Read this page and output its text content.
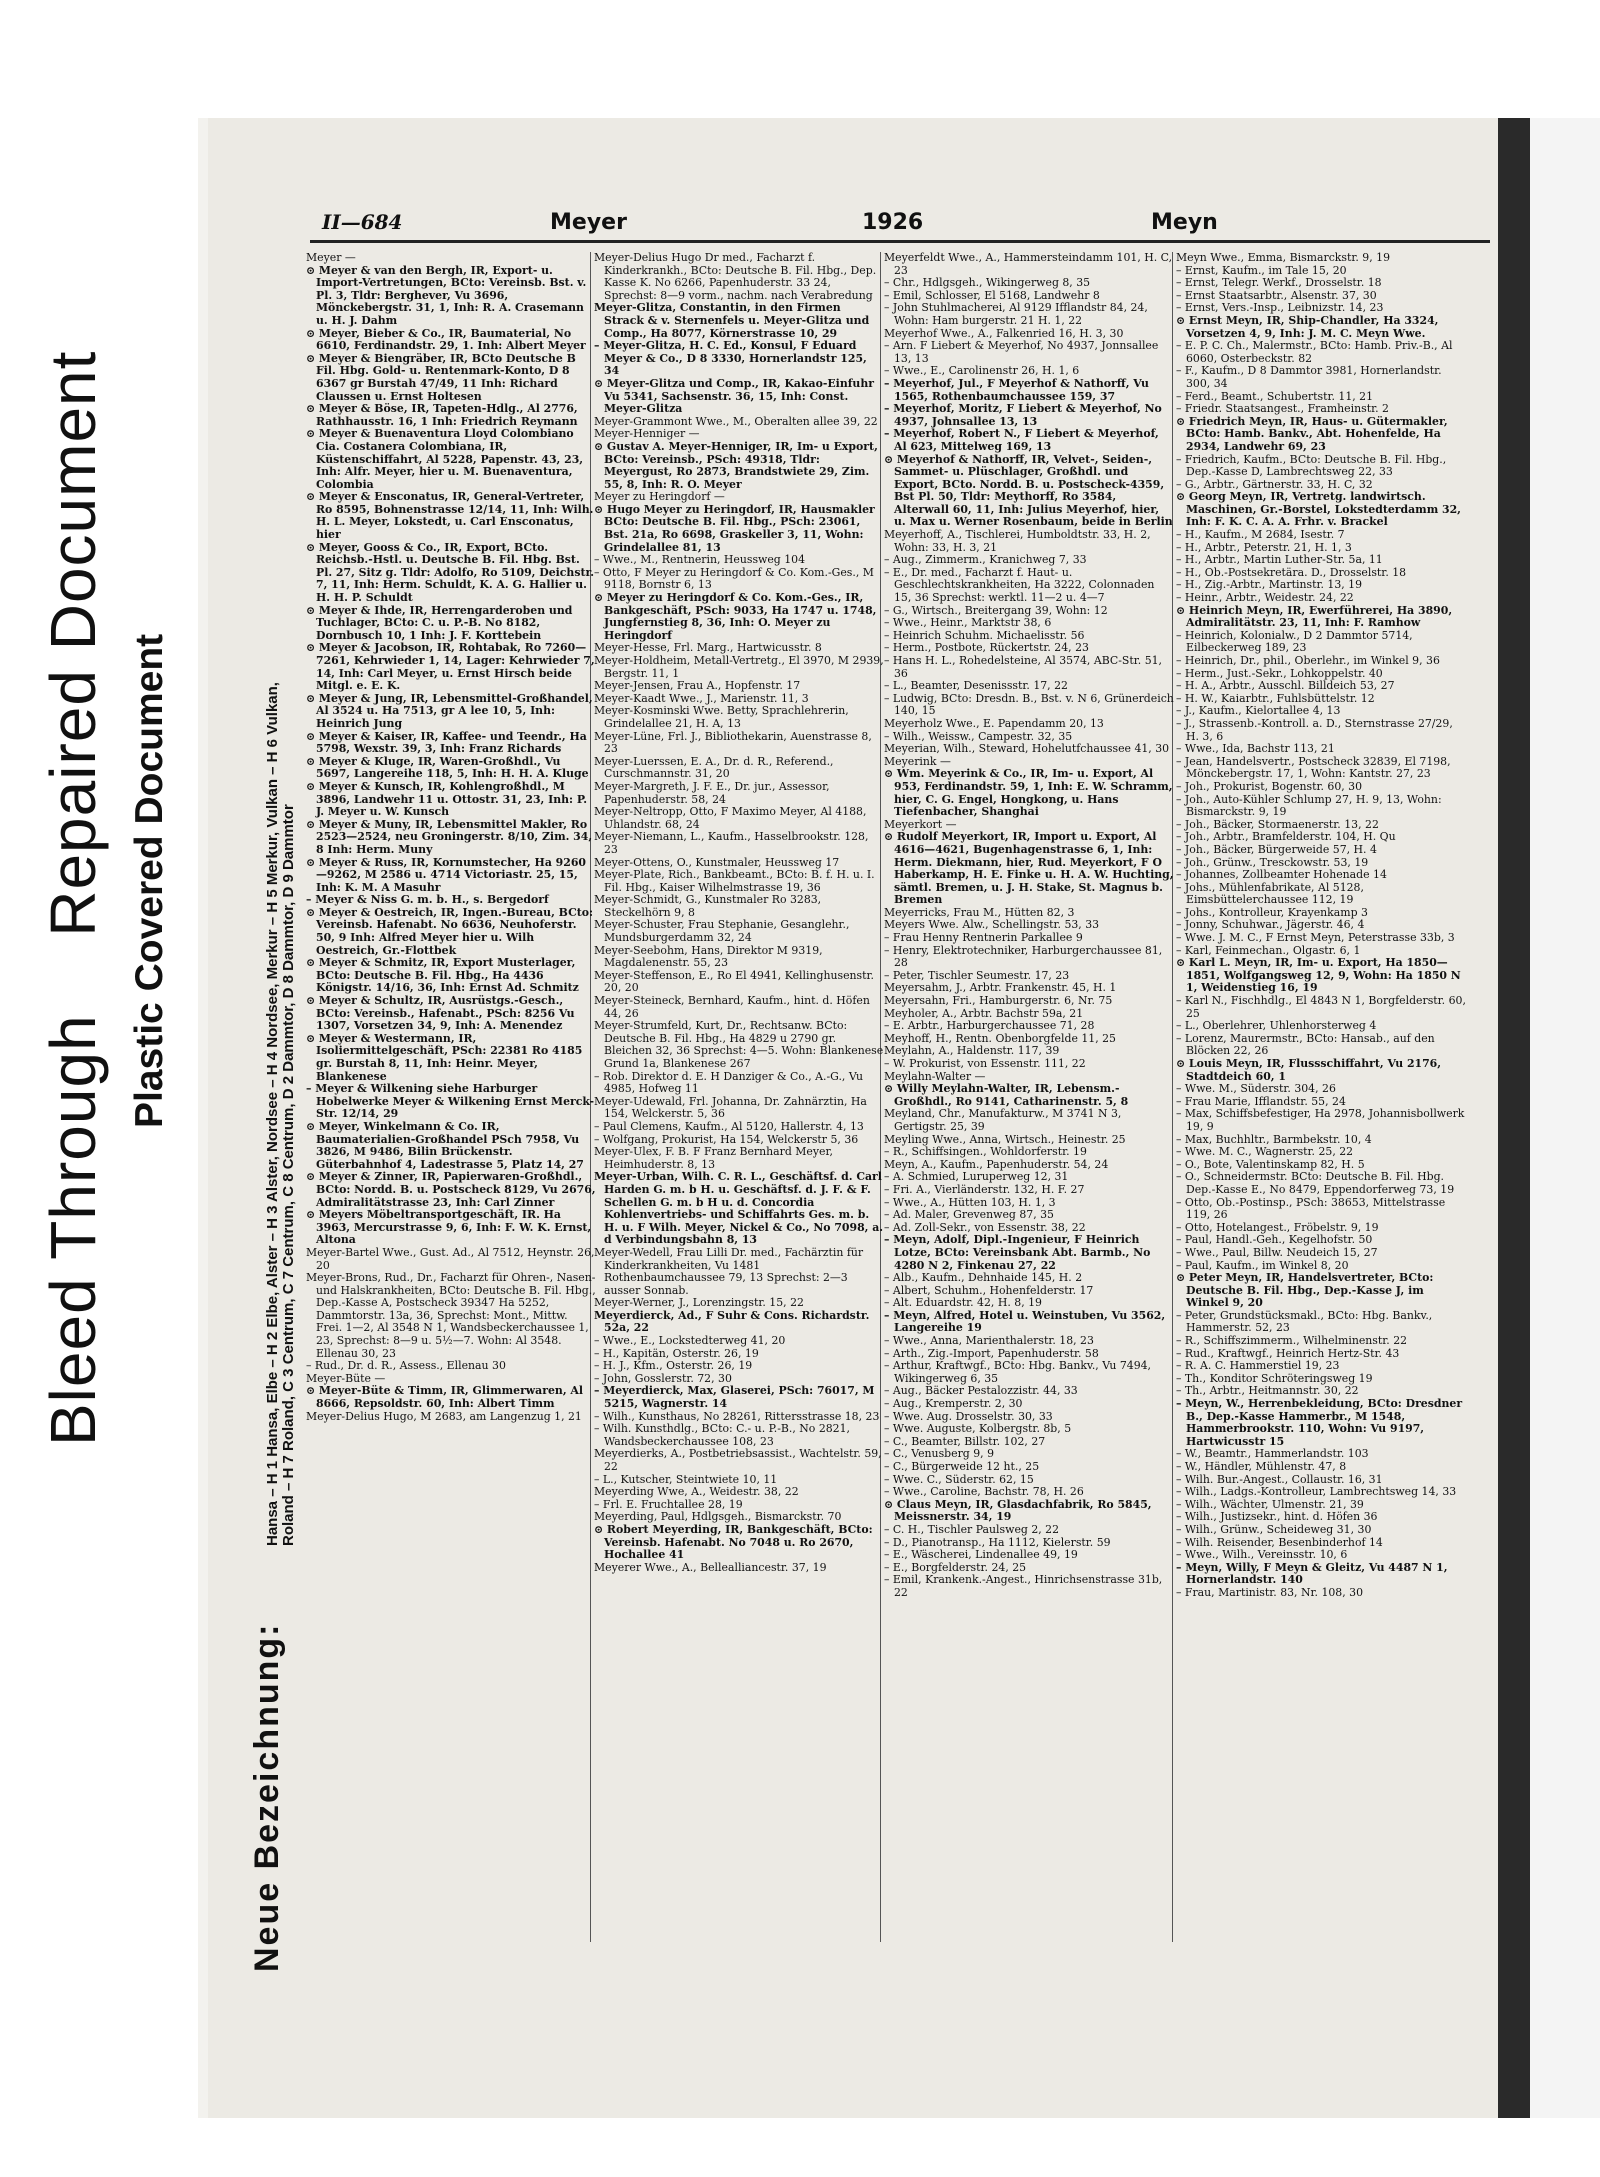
Bleed Through  Repaired Document Plastic Covered Document
Neue Bezeichnung:
Hansa – H 1 Hansa, Elbe – H 2 Elbe, Alster – H 3 Alster, Nordsee – H 4 Nordsee, Merkur – H 5 Merkur, Vulkan – H 6 Vulkan, Roland – H 7 Roland, C 3 Centrum, C 7 Centrum, C 8 Centrum, D 2 Dammtor, D 8 Dammtor, D 9 Dammtor
II—684	Meyer	1926	Meyn
Meyer —
⊙ Meyer & van den Bergh, IR, Export- u. Import-Vertretungen, BCto: Vereinsb. Bst. v. Pl. 3, Tldr: Berghever, Vu 3696, Mönckebergstr. 31, 1, Inh: R. A. Crasemann u. H. J. Dahm
⊙ Meyer, Bieber & Co., IR, Baumaterial, No 6610, Ferdinandstr. 29, 1. Inh: Albert Meyer
⊙ Meyer & Biengräber, IR, BCto Deutsche B Fil. Hbg. Gold- u. Rentenmark-Konto, D 8 6367 gr Burstah 47/49, 11 Inh: Richard Claussen u. Ernst Holtesen
⊙ Meyer & Böse, IR, Tapeten-Hdlg., Al 2776, Rathhausstr. 16, 1 Inh: Friedrich Reymann
⊙ Meyer & Buenaventura Lloyd Colombiano Cia. Costanera Colombiana, IR, Küstenschiffahrt, Al 5228, Papenstr. 43, 23, Inh: Alfr. Meyer, hier u. M. Buenaventura, Colombia
⊙ Meyer & Ensconatus, IR, General-Vertreter, Ro 8595, Bohnenstrasse 12/14, 11, Inh: Wilh. H. L. Meyer, Lokstedt, u. Carl Ensconatus, hier
⊙ Meyer, Gooss & Co., IR, Export, BCto. Reichsb.-Hstl. u. Deutsche B. Fil. Hbg. Bst. Pl. 27, Sitz g. Tldr: Adolfo, Ro 5109, Deichstr. 7, 11, Inh: Herm. Schuldt, K. A. G. Hallier u. H. H. P. Schuldt
⊙ Meyer & Ihde, IR, Herrengarderoben und Tuchlager, BCto: C. u. P.-B. No 8182, Dornbusch 10, 1 Inh: J. F. Korttebein
⊙ Meyer & Jacobson, IR, Rohtabak, Ro 7260—7261, Kehrwieder 1, 14, Lager: Kehrwieder 7, 14, Inh: Carl Meyer, u. Ernst Hirsch beide Mitgl. e. E. K.
⊙ Meyer & Jung, IR, Lebensmittel-Großhandel, Al 3524 u. Ha 7513, gr A lee 10, 5, Inh: Heinrich Jung
⊙ Meyer & Kaiser, IR, Kaffee- und Teendr., Ha 5798, Wexstr. 39, 3, Inh: Franz Richards
⊙ Meyer & Kluge, IR, Waren-Großhdl., Vu 5697, Langereihe 118, 5, Inh: H. H. A. Kluge
⊙ Meyer & Kunsch, IR, Kohlengroßhdl., M 3896, Landwehr 11 u. Ottostr. 31, 23, Inh: P. J. Meyer u. W. Kunsch
⊙ Meyer & Muny, IR, Lebensmittel Makler, Ro 2523—2524, neu Groningerstr. 8/10, Zim. 34, 8 Inh: Herm. Muny
⊙ Meyer & Russ, IR, Kornumstecher, Ha 9260—9262, M 2586 u. 4714 Victoriastr. 25, 15, Inh: K. M. A Masuhr
– Meyer & Niss G. m. b. H., s. Bergedorf
⊙ Meyer & Oestreich, IR, Ingen.-Bureau, BCto: Vereinsb. Hafenabt. No 6636, Neuhoferstr. 50, 9 Inh: Alfred Meyer hier u. Wilh Oestreich, Gr.-Flottbek
⊙ Meyer & Schmitz, IR, Export Musterlager, BCto: Deutsche B. Fil. Hbg., Ha 4436 Königstr. 14/16, 36, Inh: Ernst Ad. Schmitz
⊙ Meyer & Schultz, IR, Ausrüstgs.-Gesch., BCto: Vereinsb., Hafenabt., PSch: 8256 Vu 1307, Vorsetzen 34, 9, Inh: A. Menendez
⊙ Meyer & Westermann, IR, Isoliermittelgeschäft, PSch: 22381 Ro 4185 gr. Burstah 8, 11, Inh: Heinr. Meyer, Blankenese
– Meyer & Wilkening siehe Harburger Hobelwerke Meyer & Wilkening Ernst Merck-Str. 12/14, 29
⊙ Meyer, Winkelmann & Co. IR, Baumaterialien-Großhandel PSch 7958, Vu 3826, M 9486, Bilin Brückenstr. Güterbahnhof 4, Ladestrasse 5, Platz 14, 27
⊙ Meyer & Zinner, IR, Papierwaren-Großhdl., BCto: Nordd. B. u. Postscheck 8129, Vu 2676, Admiralitätstrasse 23, Inh: Carl Zinner
⊙ Meyers Möbeltransportgeschäft, IR. Ha 3963, Mercurstrasse 9, 6, Inh: F. W. K. Ernst, Altona
Meyer-Bartel Wwe., Gust. Ad., Al 7512, Heynstr. 26, 20
Meyer-Brons, Rud., Dr., Facharzt für Ohren-, Nasen- und Halskrankheiten, BCto: Deutsche B. Fil. Hbg., Dep.-Kasse A, Postscheck 39347 Ha 5252, Dammtorstr. 13a, 36, Sprechst: Mont., Mittw. Frei. 1—2, Al 3548 N 1, Wandsbeckerchaussee 1, 23, Sprechst: 8—9 u. 5½—7. Wohn: Al 3548. Ellenau 30, 23
– Rud., Dr. d. R., Assess., Ellenau 30
Meyer-Büte —
⊙ Meyer-Büte & Timm, IR, Glimmerwaren, Al 8666, Repsoldstr. 60, Inh: Albert Timm
Meyer-Delius Hugo, M 2683, am Langenzug 1, 21
Meyer-Delius Hugo Dr med., Facharzt f. Kinderkrankh., BCto: Deutsche B. Fil. Hbg., Dep. Kasse K. No 6266, Papenhuderstr. 33 24, Sprechst: 8—9 vorm., nachm. nach Verabredung
Meyer-Glitza, Constantin, in den Firmen Strack & v. Sternenfels u. Meyer-Glitza und Comp., Ha 8077, Körnerstrasse 10, 29
– Meyer-Glitza, H. C. Ed., Konsul, F Eduard Meyer & Co., D 8 3330, Hornerlandstr 125, 34
⊙ Meyer-Glitza und Comp., IR, Kakao-Einfuhr Vu 5341, Sachsenstr. 36, 15, Inh: Const. Meyer-Glitza
Meyer-Grammont Wwe., M., Oberalten allee 39, 22
Meyer-Henniger —
⊙ Gustav A. Meyer-Henniger, IR, Im- u Export, BCto: Vereinsb., PSch: 49318, Tldr: Meyergust, Ro 2873, Brandstwiete 29, Zim. 55, 8, Inh: R. O. Meyer
Meyer zu Heringdorf —
⊙ Hugo Meyer zu Heringdorf, IR, Hausmakler BCto: Deutsche B. Fil. Hbg., PSch: 23061, Bst. 21a, Ro 6698, Graskeller 3, 11, Wohn: Grindelallee 81, 13
– Wwe., M., Rentnerin, Heussweg 104
– Otto, F Meyer zu Heringdorf & Co. Kom.-Ges., M 9118, Bornstr 6, 13
⊙ Meyer zu Heringdorf & Co. Kom.-Ges., IR, Bankgeschäft, PSch: 9033, Ha 1747 u. 1748, Jungfernstieg 8, 36, Inh: O. Meyer zu Heringdorf
Meyer-Hesse, Frl. Marg., Hartwicusstr. 8
Meyer-Holdheim, Metall-Vertretg., El 3970, M 2939, Bergstr. 11, 1
Meyer-Jensen, Frau A., Hopfenstr. 17
Meyer-Kaadt Wwe., J., Marienstr. 11, 3
Meyer-Kosminski Wwe. Betty, Sprachlehrerin, Grindelallee 21, H. A, 13
Meyer-Lüne, Frl. J., Bibliothekarin, Auenstrasse 8, 23
Meyer-Luerssen, E. A., Dr. d. R., Referend., Curschmannstr. 31, 20
Meyer-Margreth, J. F. E., Dr. jur., Assessor, Papenhuderstr. 58, 24
Meyer-Neltropp, Otto, F Maximo Meyer, Al 4188, Uhlandstr. 68, 24
Meyer-Niemann, L., Kaufm., Hasselbrookstr. 128, 23
Meyer-Ottens, O., Kunstmaler, Heussweg 17
Meyer-Plate, Rich., Bankbeamt., BCto: B. f. H. u. I. Fil. Hbg., Kaiser Wilhelmstrasse 19, 36
Meyer-Schmidt, G., Kunstmaler Ro 3283, Steckelhörn 9, 8
Meyer-Schuster, Frau Stephanie, Gesanglehr., Mundsburgerdamm 32, 24
Meyer-Seebohm, Hans, Direktor M 9319, Magdalenenstr. 55, 23
Meyer-Steffenson, E., Ro El 4941, Kellinghusenstr. 20, 20
Meyer-Steineck, Bernhard, Kaufm., hint. d. Höfen 44, 26
Meyer-Strumfeld, Kurt, Dr., Rechtsanw. BCto: Deutsche B. Fil. Hbg., Ha 4829 u 2790 gr. Bleichen 32, 36 Sprechst: 4—5. Wohn: Blankenese Grund 1a, Blankenese 267
– Rob. Direktor d. E. H Danziger & Co., A.-G., Vu 4985, Hofweg 11
Meyer-Udewald, Frl. Johanna, Dr. Zahnärztin, Ha 154, Welckerstr. 5, 36
– Paul Clemens, Kaufm., Al 5120, Hallerstr. 4, 13
– Wolfgang, Prokurist, Ha 154, Welckerstr 5, 36
Meyer-Ulex, F. B. F Franz Bernhard Meyer, Heimhuderstr. 8, 13
Meyer-Urban, Wilh. C. R. L., Geschäftsf. d. Carl Harden G. m. b H. u. Geschäftsf. d. J. F. & F. Schellen G. m. b H u. d. Concordia Kohlenvertriebs- und Schiffahrts Ges. m. b. H. u. F Wilh. Meyer, Nickel & Co., No 7098, a. d Verbindungsbahn 8, 13
Meyer-Wedell, Frau Lilli Dr. med., Fachärztin für Kinderkrankheiten, Vu 1481 Rothenbaumchaussee 79, 13 Sprechst: 2—3 ausser Sonnab.
Meyer-Werner, J., Lorenzingstr. 15, 22
Meyerdierck, Ad., F Suhr & Cons. Richardstr. 52a, 22
– Wwe., E., Lockstedterweg 41, 20
– H., Kapitän, Osterstr. 26, 19
– H. J., Kfm., Osterstr. 26, 19
– John, Gosslerstr. 72, 30
– Meyerdierck, Max, Glaserei, PSch: 76017, M 5215, Wagnerstr. 14
– Wilh., Kunsthaus, No 28261, Rittersstrasse 18, 23
– Wilh. Kunsthdlg., BCto: C.- u. P.-B., No 2821, Wandsbeckerchaussee 108, 23
Meyerdierks, A., Postbetriebsassist., Wachtelstr. 59, 22
– L., Kutscher, Steintwiete 10, 11
Meyerding Wwe, A., Weidestr. 38, 22
– Frl. E. Fruchtallee 28, 19
Meyerding, Paul, Hdlgsgeh., Bismarckstr. 70
⊙ Robert Meyerding, IR, Bankgeschäft, BCto: Vereinsb. Hafenabt. No 7048 u. Ro 2670, Hochallee 41
Meyerer Wwe., A., Bellealliancestr. 37, 19
Meyerfeldt Wwe., A., Hammersteindamm 101, H. C, 23
– Chr., Hdlgsgeh., Wikingerweg 8, 35
– Emil, Schlosser, El 5168, Landwehr 8
– John Stuhlmacherei, Al 9129 Ifflandstr 84, 24, Wohn: Ham burgerstr. 21 H. 1, 22
Meyerhof Wwe., A., Falkenried 16, H. 3, 30
– Arn. F Liebert & Meyerhof, No 4937, Jonnsallee 13, 13
– Wwe., E., Carolinenstr 26, H. 1, 6
– Meyerhof, Jul., F Meyerhof & Nathorff, Vu 1565, Rothenbaumchaussee 159, 37
– Meyerhof, Moritz, F Liebert & Meyerhof, No 4937, Johnsallee 13, 13
– Meyerhof, Robert N., F Liebert & Meyerhof, Al 623, Mittelweg 169, 13
⊙ Meyerhof & Nathorff, IR, Velvet-, Seiden-, Sammet- u. Plüschlager, Großhdl. und Export, BCto. Nordd. B. u. Postscheck-4359, Bst Pl. 50, Tldr: Meythorff, Ro 3584, Alterwall 60, 11, Inh: Julius Meyerhof, hier, u. Max u. Werner Rosenbaum, beide in Berlin
Meyerhoff, A., Tischlerei, Humboldtstr. 33, H. 2, Wohn: 33, H. 3, 21
– Aug., Zimmerm., Kranichweg 7, 33
– E., Dr. med., Facharzt f. Haut- u. Geschlechtskrankheiten, Ha 3222, Colonnaden 15, 36 Sprechst: werktl. 11—2 u. 4—7
– G., Wirtsch., Breitergang 39, Wohn: 12
– Wwe., Heinr., Marktstr 38, 6
– Heinrich Schuhm. Michaelisstr. 56
– Herm., Postbote, Rückertstr. 24, 23
– Hans H. L., Rohedelsteine, Al 3574, ABC-Str. 51, 36
– L., Beamter, Desenissstr. 17, 22
– Ludwig, BCto: Dresdn. B., Bst. v. N 6, Grünerdeich 140, 15
Meyerholz Wwe., E. Papendamm 20, 13
– Wilh., Weissw., Campestr. 32, 35
Meyerian, Wilh., Steward, Hohelutfchaussee 41, 30
Meyerink —
⊙ Wm. Meyerink & Co., IR, Im- u. Export, Al 953, Ferdinandstr. 59, 1, Inh: E. W. Schramm, hier, C. G. Engel, Hongkong, u. Hans Tiefenbacher, Shanghai
Meyerkort —
⊙ Rudolf Meyerkort, IR, Import u. Export, Al 4616—4621, Bugenhagenstrasse 6, 1, Inh: Herm. Diekmann, hier, Rud. Meyerkort, F O Haberkamp, H. E. Finke u. H. A. W. Huchting, sämtl. Bremen, u. J. H. Stake, St. Magnus b. Bremen
Meyerricks, Frau M., Hütten 82, 3
Meyers Wwe. Alw., Schellingstr. 53, 33
– Frau Henny Rentnerin Parkallee 9
– Henry, Elektrotechniker, Harburgerchaussee 81, 28
– Peter, Tischler Seumestr. 17, 23
Meyersahm, J., Arbtr. Frankenstr. 45, H. 1
Meyersahn, Fri., Hamburgerstr. 6, Nr. 75
Meyholer, A., Arbtr. Bachstr 59a, 21
– E. Arbtr., Harburgerchaussee 71, 28
Meyhoff, H., Rentn. Obenborgfelde 11, 25
Meylahn, A., Haldenstr. 117, 39
– W. Prokurist, von Essenstr. 111, 22
Meylahn-Walter —
⊙ Willy Meylahn-Walter, IR, Lebensm.-Großhdl., Ro 9141, Catharinenstr. 5, 8
Meyland, Chr., Manufakturw., M 3741 N 3, Gertigstr. 25, 39
Meyling Wwe., Anna, Wirtsch., Heinestr. 25
– R., Schiffsingen., Wohldorferstr. 19
Meyn, A., Kaufm., Papenhuderstr. 54, 24
– A. Schmied, Luruperweg 12, 31
– Fri. A., Vierländerstr. 132, H. F. 27
– Wwe., A., Hütten 103, H. 1, 3
– Ad. Maler, Grevenweg 87, 35
– Ad. Zoll-Sekr., von Essenstr. 38, 22
– Meyn, Adolf, Dipl.-Ingenieur, F Heinrich Lotze, BCto: Vereinsbank Abt. Barmb., No 4280 N 2, Finkenau 27, 22
– Alb., Kaufm., Dehnhaide 145, H. 2
– Albert, Schuhm., Hohenfelderstr. 17
– Alt. Eduardstr. 42, H. 8, 19
– Meyn, Alfred, Hotel u. Weinstuben, Vu 3562, Langereihe 19
– Wwe., Anna, Marienthalerstr. 18, 23
– Arth., Zig.-Import, Papenhuderstr. 58
– Arthur, Kraftwgf., BCto: Hbg. Bankv., Vu 7494, Wikingerweg 6, 35
– Aug., Bäcker Pestalozzistr. 44, 33
– Aug., Kremperstr. 2, 30
– Wwe. Aug. Drosselstr. 30, 33
– Wwe. Auguste, Kolbergstr. 8b, 5
– C., Beamter, Billstr. 102, 27
– C., Venusberg 9, 9
– C., Bürgerweide 12 ht., 25
– Wwe. C., Süderstr. 62, 15
– Wwe., Caroline, Bachstr. 78, H. 26
⊙ Claus Meyn, IR, Glasdachfabrik, Ro 5845, Meissnerstr. 34, 19
– C. H., Tischler Paulsweg 2, 22
– D., Pianotransp., Ha 1112, Kielerstr. 59
– E., Wäscherei, Lindenallee 49, 19
– E., Borgfelderstr. 24, 25
– Emil, Krankenk.-Angest., Hinrichsenstrasse 31b, 22
Meyn Wwe., Emma, Bismarckstr. 9, 19
– Ernst, Kaufm., im Tale 15, 20
– Ernst, Telegr. Werkf., Drosselstr. 18
– Ernst Staatsarbtr., Alsenstr. 37, 30
– Ernst, Vers.-Insp., Leibnizstr. 14, 23
⊙ Ernst Meyn, IR, Ship-Chandler, Ha 3324, Vorsetzen 4, 9, Inh: J. M. C. Meyn Wwe.
– E. P. C. Ch., Malermstr., BCto: Hamb. Priv.-B., Al 6060, Osterbeckstr. 82
– F., Kaufm., D 8 Dammtor 3981, Hornerlandstr. 300, 34
– Ferd., Beamt., Schubertstr. 11, 21
– Friedr. Staatsangest., Framheinstr. 2
⊙ Friedrich Meyn, IR, Haus- u. Gütermakler, BCto: Hamb. Bankv., Abt. Hohenfelde, Ha 2934, Landwehr 69, 23
– Friedrich, Kaufm., BCto: Deutsche B. Fil. Hbg., Dep.-Kasse D, Lambrechtsweg 22, 33
– G., Arbtr., Gärtnerstr. 33, H. C, 32
⊙ Georg Meyn, IR, Vertretg. landwirtsch. Maschinen, Gr.-Borstel, Lokstedterdamm 32, Inh: F. K. C. A. A. Frhr. v. Brackel
– H., Kaufm., M 2684, Isestr. 7
– H., Arbtr., Peterstr. 21, H. 1, 3
– H., Arbtr., Martin Luther-Str. 5a, 11
– H., Ob.-Postsekretära. D., Drosselstr. 18
– H., Zig.-Arbtr., Martinstr. 13, 19
– Heinr., Arbtr., Weidestr. 24, 22
⊙ Heinrich Meyn, IR, Ewerführerei, Ha 3890, Admiralitätstr. 23, 11, Inh: F. Ramhow
– Heinrich, Kolonialw., D 2 Dammtor 5714, Eilbeckerweg 189, 23
– Heinrich, Dr., phil., Oberlehr., im Winkel 9, 36
– Herm., Just.-Sekr., Lohkoppelstr. 40
– H. A., Arbtr., Ausschl. Billdeich 53, 27
– H. W., Kaiarbtr., Fuhlsbüttelstr. 12
– J., Kaufm., Kielortallee 4, 13
– J., Strassenb.-Kontroll. a. D., Sternstrasse 27/29, H. 3, 6
– Wwe., Ida, Bachstr 113, 21
– Jean, Handelsvertr., Postscheck 32839, El 7198, Mönckebergstr. 17, 1, Wohn: Kantstr. 27, 23
– Joh., Prokurist, Bogenstr. 60, 30
– Joh., Auto-Kühler Schlump 27, H. 9, 13, Wohn: Bismarckstr. 9, 19
– Joh., Bäcker, Stormaenerstr. 13, 22
– Joh., Arbtr., Bramfelderstr. 104, H. Qu
– Joh., Bäcker, Bürgerweide 57, H. 4
– Joh., Grünw., Tresckowstr. 53, 19
– Johannes, Zollbeamter Hohenade 14
– Johs., Mühlenfabrikate, Al 5128, Eimsbüttelerchaussee 112, 19
– Johs., Kontrolleur, Krayenkamp 3
– Jonny, Schuhwar., Jägerstr. 46, 4
– Wwe. J. M. C., F Ernst Meyn, Peterstrasse 33b, 3
– Karl, Feinmechan., Olgastr. 6, 1
⊙ Karl L. Meyn, IR, Im- u. Export, Ha 1850—1851, Wolfgangsweg 12, 9, Wohn: Ha 1850 N 1, Weidenstieg 16, 19
– Karl N., Fischhdlg., El 4843 N 1, Borgfelderstr. 60, 25
– L., Oberlehrer, Uhlenhorsterweg 4
– Lorenz, Maurermstr., BCto: Hansab., auf den Blöcken 22, 26
⊙ Louis Meyn, IR, Flussschiffahrt, Vu 2176, Stadtdeich 60, 1
– Wwe. M., Süderstr. 304, 26
– Frau Marie, Ifflandstr. 55, 24
– Max, Schiffsbefestiger, Ha 2978, Johannisbollwerk 19, 9
– Max, Buchhltr., Barmbekstr. 10, 4
– Wwe. M. C., Wagnerstr. 25, 22
– O., Bote, Valentinskamp 82, H. 5
– O., Schneidermstr. BCto: Deutsche B. Fil. Hbg. Dep.-Kasse E., No 8479, Eppendorferweg 73, 19
– Otto, Ob.-Postinsp., PSch: 38653, Mittelstrasse 119, 26
– Otto, Hotelangest., Fröbelstr. 9, 19
– Paul, Handl.-Geh., Kegelhofstr. 50
– Wwe., Paul, Billw. Neudeich 15, 27
– Paul, Kaufm., im Winkel 8, 20
⊙ Peter Meyn, IR, Handelsvertreter, BCto: Deutsche B. Fil. Hbg., Dep.-Kasse J, im Winkel 9, 20
– Peter, Grundstücksmakl., BCto: Hbg. Bankv., Hammerstr. 52, 23
– R., Schiffszimmerm., Wilhelminenstr. 22
– Rud., Kraftwgf., Heinrich Hertz-Str. 43
– R. A. C. Hammerstiel 19, 23
– Th., Konditor Schröteringsweg 19
– Th., Arbtr., Heitmannstr. 30, 22
– Meyn, W., Herrenbekleidung, BCto: Dresdner B., Dep.-Kasse Hammerbr., M 1548, Hammerbrookstr. 110, Wohn: Vu 9197, Hartwicusstr 15
– W., Beamtr., Hammerlandstr. 103
– W., Händler, Mühlenstr. 47, 8
– Wilh. Bur.-Angest., Collaustr. 16, 31
– Wilh., Ladgs.-Kontrolleur, Lambrechtsweg 14, 33
– Wilh., Wächter, Ulmenstr. 21, 39
– Wilh., Justizsekr., hint. d. Höfen 36
– Wilh., Grünw., Scheideweg 31, 30
– Wilh. Reisender, Besenbinderhof 14
– Wwe., Wilh., Vereinsstr. 10, 6
– Meyn, Willy, F Meyn & Gleitz, Vu 4487 N 1, Hornerlandstr. 140
– Frau, Martinistr. 83, Nr. 108, 30
